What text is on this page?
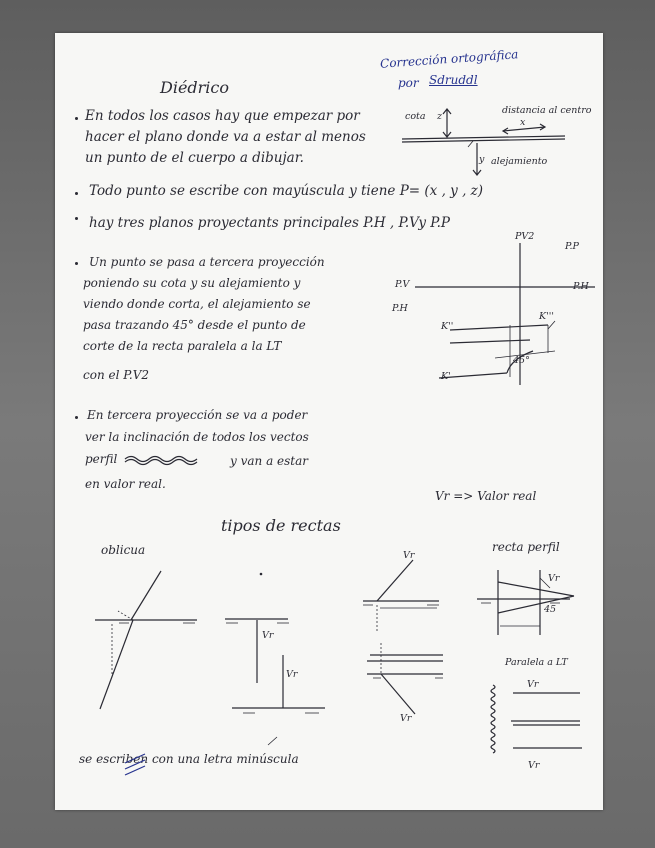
Diédrico

Corrección ortográfica

por Sdruddl

En todos los casos hay que empezar por

hacer el plano donde va a estar al menos

un punto de el cuerpo a dibujar.

Todo punto se escribe con mayúscula y tiene P= (x , y , z)

hay tres planos proyectants principales P.H , P.Vy P.P

Un punto se pasa a tercera proyección

poniendo su cota y su alejamiento y

viendo donde corta, el alejamiento se

pasa trazando 45° desde el punto de

corte de la recta paralela a la LT

con el P.V2

En tercera proyección se va a poder

ver la inclinación de todos los vectos

perfil	y van a estar

en valor real.

cota z

distancia al centro

x

y alejamiento

PV2

P.P

P.V

P.H

P.H

K''

K'''

K'

45°

Vr => Valor real

tipos de rectas

oblicua	recta perfil

Paralela a LT

Vr

Vr

Vr

Vr

Vr

Vr

Vr

45

se escriben con una letra minúscula
